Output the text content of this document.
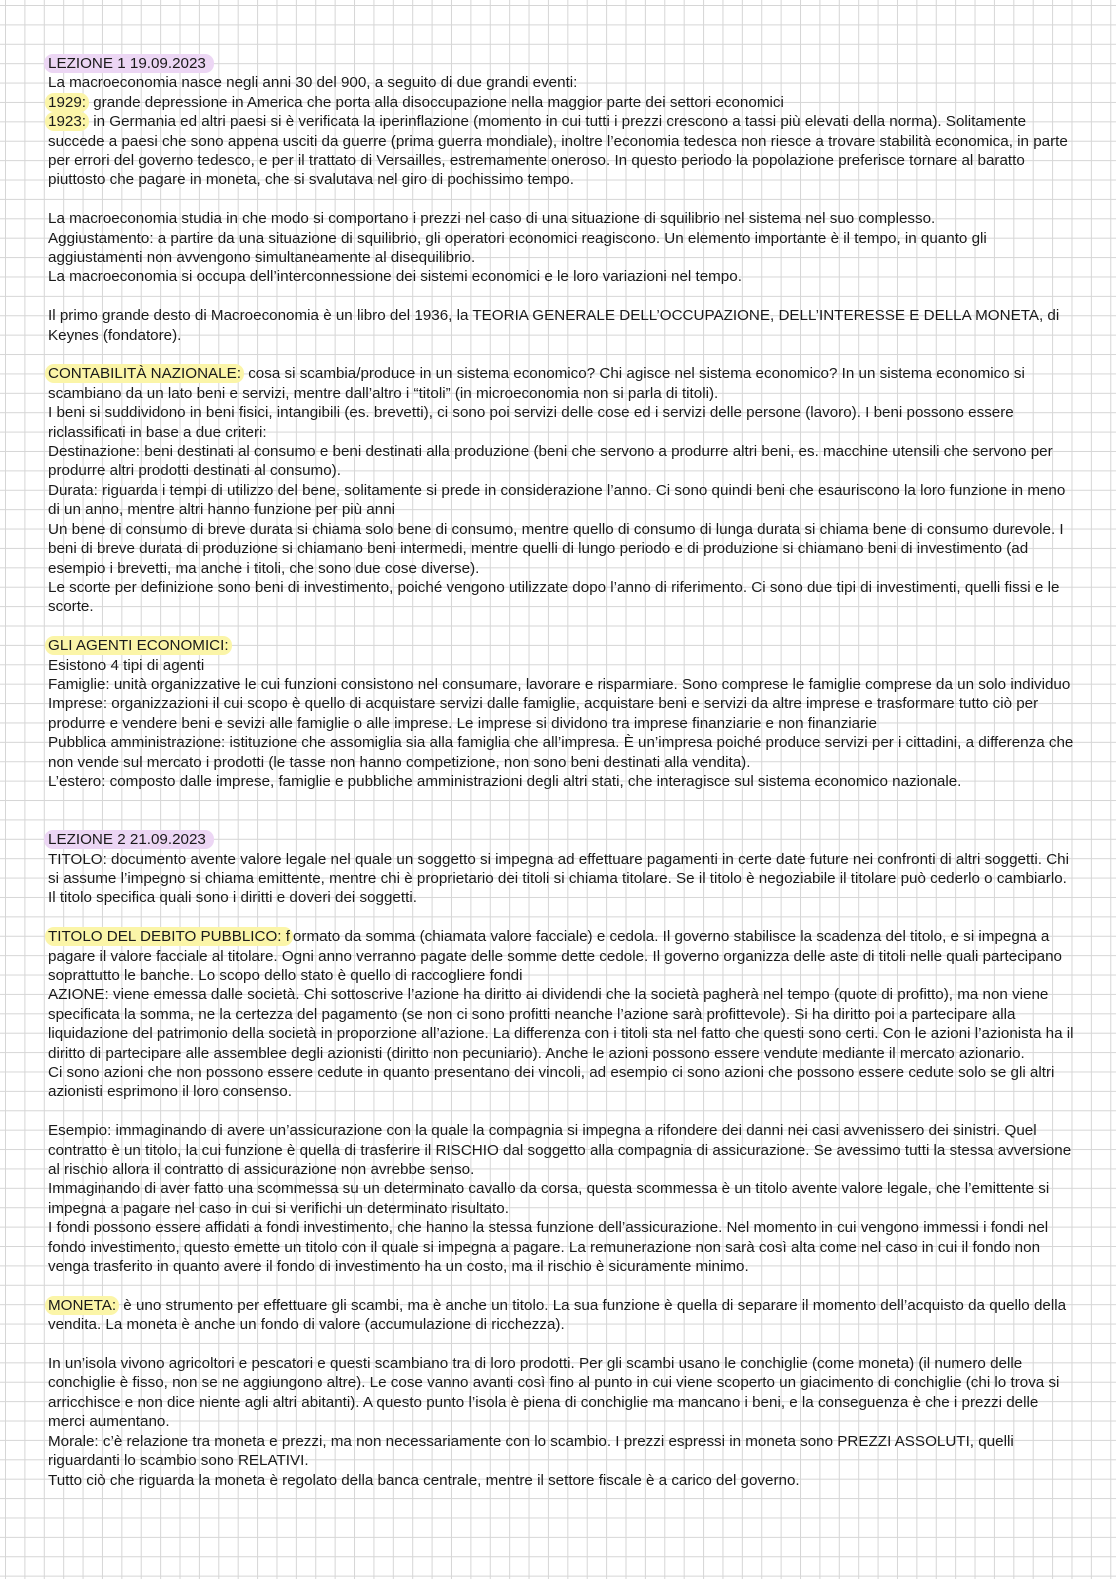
LEZIONE 1 19.09.2023

La macroeconomia nasce negli anni 30 del 900, a seguito di due grandi eventi:

1929: grande depressione in America che porta alla disoccupazione nella maggior parte dei settori economici

1923: in Germania ed altri paesi si è verificata la iperinflazione (momento in cui tutti i prezzi crescono a tassi più elevati della norma). Solitamente succede a paesi che sono appena usciti da guerre (prima guerra mondiale), inoltre l’economia tedesca non riesce a trovare stabilità economica, in parte per errori del governo tedesco, e per il trattato di Versailles, estremamente oneroso. In questo periodo la popolazione preferisce tornare al baratto piuttosto che pagare in moneta, che si svalutava nel giro di pochissimo tempo.

La macroeconomia studia in che modo si comportano i prezzi nel caso di una situazione di squilibrio nel sistema nel suo complesso.

Aggiustamento: a partire da una situazione di squilibrio, gli operatori economici reagiscono. Un elemento importante è il tempo, in quanto gli aggiustamenti non avvengono simultaneamente al disequilibrio.

La macroeconomia si occupa dell’interconnessione dei sistemi economici e le loro variazioni nel tempo.

Il primo grande desto di Macroeconomia è un libro del 1936, la TEORIA GENERALE DELL’OCCUPAZIONE, DELL’INTERESSE E DELLA MONETA, di Keynes (fondatore).

CONTABILITÀ NAZIONALE: cosa si scambia/produce in un sistema economico? Chi agisce nel sistema economico? In un sistema economico si scambiano da un lato beni e servizi, mentre dall’altro i “titoli” (in microeconomia non si parla di titoli).

I beni si suddividono in beni fisici, intangibili (es. brevetti), ci sono poi servizi delle cose ed i servizi delle persone (lavoro). I beni possono essere riclassificati in base a due criteri:

Destinazione: beni destinati al consumo e beni destinati alla produzione (beni che servono a produrre altri beni, es. macchine utensili che servono per produrre altri prodotti destinati al consumo).

Durata: riguarda i tempi di utilizzo del bene, solitamente si prede in considerazione l’anno. Ci sono quindi beni che esauriscono la loro funzione in meno di un anno, mentre altri hanno funzione per più anni

Un bene di consumo di breve durata si chiama solo bene di consumo, mentre quello di consumo di lunga durata si chiama bene di consumo durevole. I beni di breve durata di produzione si chiamano beni intermedi, mentre quelli di lungo periodo e di produzione si chiamano beni di investimento (ad esempio i brevetti, ma anche i titoli, che sono due cose diverse).

Le scorte per definizione sono beni di investimento, poiché vengono utilizzate dopo l’anno di riferimento. Ci sono due tipi di investimenti, quelli fissi e le scorte.

GLI AGENTI ECONOMICI:

Esistono 4 tipi di agenti

Famiglie: unità organizzative le cui funzioni consistono nel consumare, lavorare e risparmiare. Sono comprese le famiglie comprese da un solo individuo

Imprese: organizzazioni il cui scopo è quello di acquistare servizi dalle famiglie, acquistare beni e servizi da altre imprese e trasformare tutto ciò per produrre e vendere beni e sevizi alle famiglie o alle imprese. Le imprese si dividono tra imprese finanziarie e non finanziarie

Pubblica amministrazione: istituzione che assomiglia sia alla famiglia che all’impresa. È un’impresa poiché produce servizi per i cittadini, a differenza che non vende sul mercato i prodotti (le tasse non hanno competizione, non sono beni destinati alla vendita).

L’estero: composto dalle imprese, famiglie e pubbliche amministrazioni degli altri stati, che interagisce sul sistema economico nazionale.

LEZIONE 2 21.09.2023

TITOLO: documento avente valore legale nel quale un soggetto si impegna ad effettuare pagamenti in certe date future nei confronti di altri soggetti. Chi si assume l’impegno si chiama emittente, mentre chi è proprietario dei titoli si chiama titolare. Se il titolo è negoziabile il titolare può cederlo o cambiarlo. Il titolo specifica quali sono i diritti e doveri dei soggetti.

TITOLO DEL DEBITO PUBBLICO: f ormato da somma (chiamata valore facciale) e cedola. Il governo stabilisce la scadenza del titolo, e si impegna a pagare il valore facciale al titolare. Ogni anno verranno pagate delle somme dette cedole. Il governo organizza delle aste di titoli nelle quali partecipano soprattutto le banche. Lo scopo dello stato è quello di raccogliere fondi

AZIONE: viene emessa dalle società. Chi sottoscrive l’azione ha diritto ai dividendi che la società pagherà nel tempo (quote di profitto), ma non viene specificata la somma, ne la certezza del pagamento (se non ci sono profitti neanche l’azione sarà profittevole). Si ha diritto poi a partecipare alla liquidazione del patrimonio della società in proporzione all’azione. La differenza con i titoli sta nel fatto che questi sono certi. Con le azioni l’azionista ha il diritto di partecipare alle assemblee degli azionisti (diritto non pecuniario). Anche le azioni possono essere vendute mediante il mercato azionario.

Ci sono azioni che non possono essere cedute in quanto presentano dei vincoli, ad esempio ci sono azioni che possono essere cedute solo se gli altri azionisti esprimono il loro consenso.

Esempio: immaginando di avere un’assicurazione con la quale la compagnia si impegna a rifondere dei danni nei casi avvenissero dei sinistri. Quel contratto è un titolo, la cui funzione è quella di trasferire il RISCHIO dal soggetto alla compagnia di assicurazione. Se avessimo tutti la stessa avversione al rischio allora il contratto di assicurazione non avrebbe senso.

Immaginando di aver fatto una scommessa su un determinato cavallo da corsa, questa scommessa è un titolo avente valore legale, che l’emittente si impegna a pagare nel caso in cui si verifichi un determinato risultato.

I fondi possono essere affidati a fondi investimento, che hanno la stessa funzione dell’assicurazione. Nel momento in cui vengono immessi i fondi nel fondo investimento, questo emette un titolo con il quale si impegna a pagare. La remunerazione non sarà così alta come nel caso in cui il fondo non venga trasferito in quanto avere il fondo di investimento ha un costo, ma il rischio è sicuramente minimo.

MONETA: è uno strumento per effettuare gli scambi, ma è anche un titolo. La sua funzione è quella di separare il momento dell’acquisto da quello della vendita. La moneta è anche un fondo di valore (accumulazione di ricchezza).

In un’isola vivono agricoltori e pescatori e questi scambiano tra di loro prodotti. Per gli scambi usano le conchiglie (come moneta) (il numero delle conchiglie è fisso, non se ne aggiungono altre). Le cose vanno avanti così fino al punto in cui viene scoperto un giacimento di conchiglie (chi lo trova si arricchisce e non dice niente agli altri abitanti). A questo punto l’isola è piena di conchiglie ma mancano i beni, e la conseguenza è che i prezzi delle merci aumentano.

Morale: c’è relazione tra moneta e prezzi, ma non necessariamente con lo scambio. I prezzi espressi in moneta sono PREZZI ASSOLUTI, quelli riguardanti lo scambio sono RELATIVI.

Tutto ciò che riguarda la moneta è regolato della banca centrale, mentre il settore fiscale è a carico del governo.
